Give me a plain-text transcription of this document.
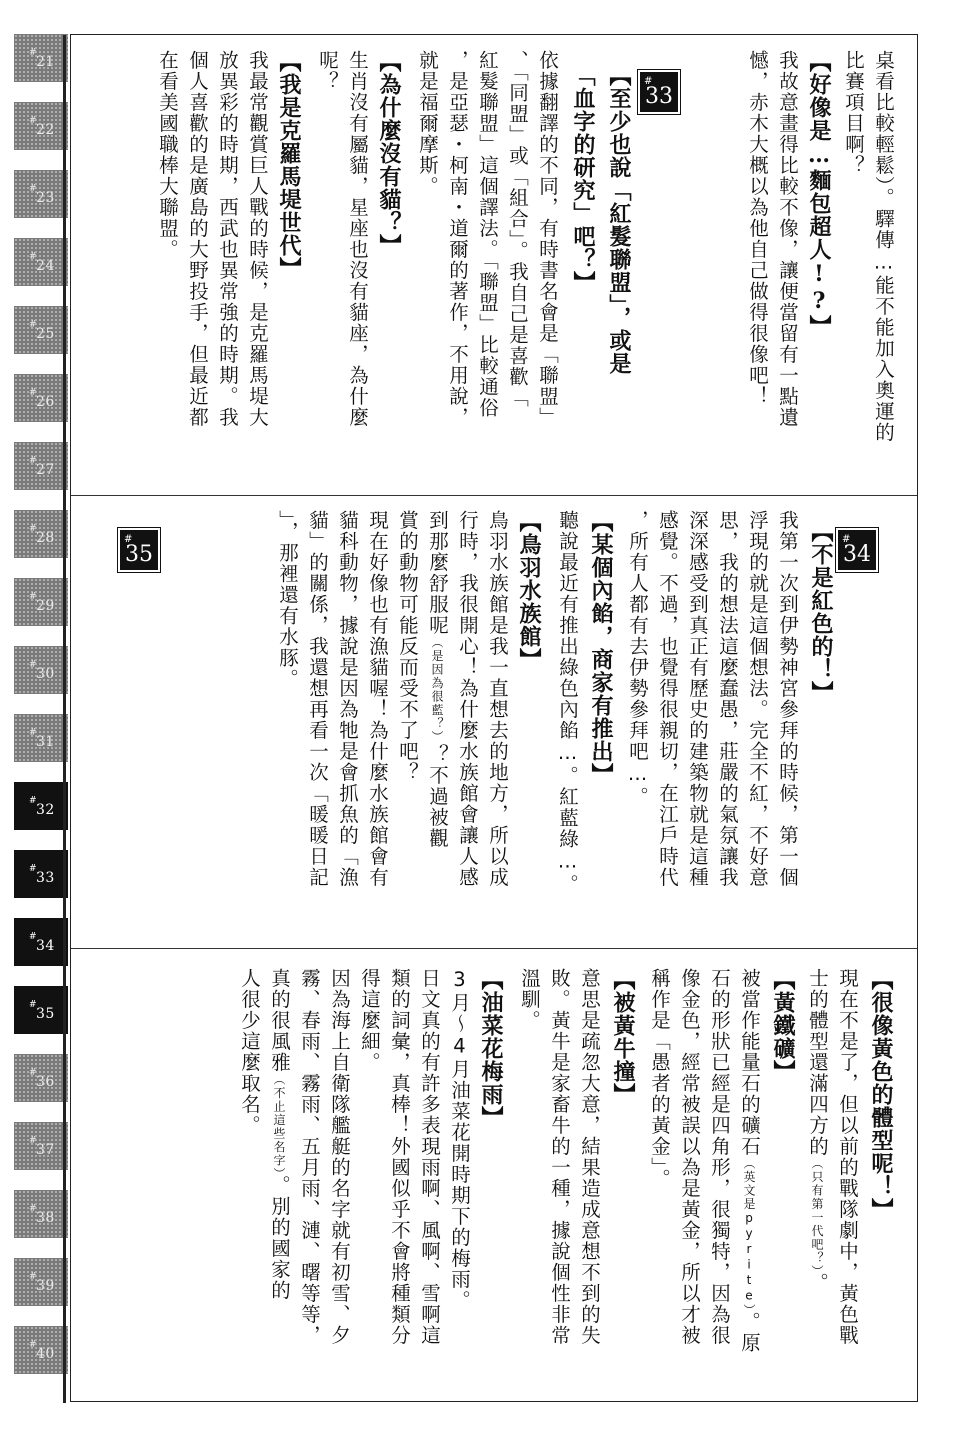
# 21
# 22
# 23
# 24
# 25
# 26
# 27
# 28
# 29
# 30
# 31
# 32
# 33
# 34
# 35
# 36
# 37
# 38
# 39
# 40
# 33
# 34
# 35
桌看比較輕鬆）。驛傳…能不能加入奧運的
比賽項目啊？
【好像是…麵包超人!?】
我故意畫得比較不像，讓便當留有一點遺
憾，赤木大概以為他自己做得很像吧！
【至少也說「紅髮聯盟」，或是
「血字的研究」吧？】
依據翻譯的不同，有時書名會是「聯盟」
、「同盟」或「組合」。我自己是喜歡「
紅髮聯盟」這個譯法。「聯盟」比較通俗
，是亞瑟・柯南・道爾的著作，不用說，
就是福爾摩斯。
【為什麼沒有貓？】
生肖沒有屬貓，星座也沒有貓座，為什麼
呢？
【我是克羅馬堤世代】
我最常觀賞巨人戰的時候，是克羅馬堤大
放異彩的時期，西武也異常強的時期。我
個人喜歡的是廣島的大野投手，但最近都
在看美國職棒大聯盟。
【不是紅色的！】
我第一次到伊勢神宮參拜的時候，第一個
浮現的就是這個想法。完全不紅，不好意
思，我的想法這麼蠢愚，莊嚴的氣氛讓我
深深感受到真正有歷史的建築物就是這種
感覺。不過，也覺得很親切，在江戶時代
，所有人都有去伊勢參拜吧…。
【某個內餡，商家有推出】
聽說最近有推出綠色內餡…。紅藍綠…。
【鳥羽水族館】
鳥羽水族館是我一直想去的地方，所以成
行時，我很開心！為什麼水族館會讓人感
到那麼舒服呢（是因為很藍？）？不過被觀
賞的動物可能反而受不了吧？
現在好像也有漁貓喔！為什麼水族館會有
貓科動物，據說是因為牠是會抓魚的「漁
貓」的關係，我還想再看一次「暖暖日記
」，那裡還有水豚。
【很像黃色的體型呢！】
現在不是了，但以前的戰隊劇中，黃色戰
士的體型還滿四方的（只有第一代吧？）。
【黃鐵礦】
被當作能量石的礦石（英文是pyrite）。原
石的形狀已經是四角形，很獨特，因為很
像金色，經常被誤以為是黃金，所以才被
稱作是「愚者的黃金」。
【被黃牛撞】
意思是疏忽大意，結果造成意想不到的失
敗。黃牛是家畜牛的一種，據說個性非常
溫馴。
【油菜花梅雨】
3月～4月油菜花開時期下的梅雨。
日文真的有許多表現雨啊、風啊、雪啊這
類的詞彙，真棒！外國似乎不會將種類分
得這麼細。
因為海上自衛隊艦艇的名字就有初雪、夕
霧、春雨、霧雨、五月雨、漣、曙等等，
真的很風雅（不止這些名字）。別的國家的
人很少這麼取名。
